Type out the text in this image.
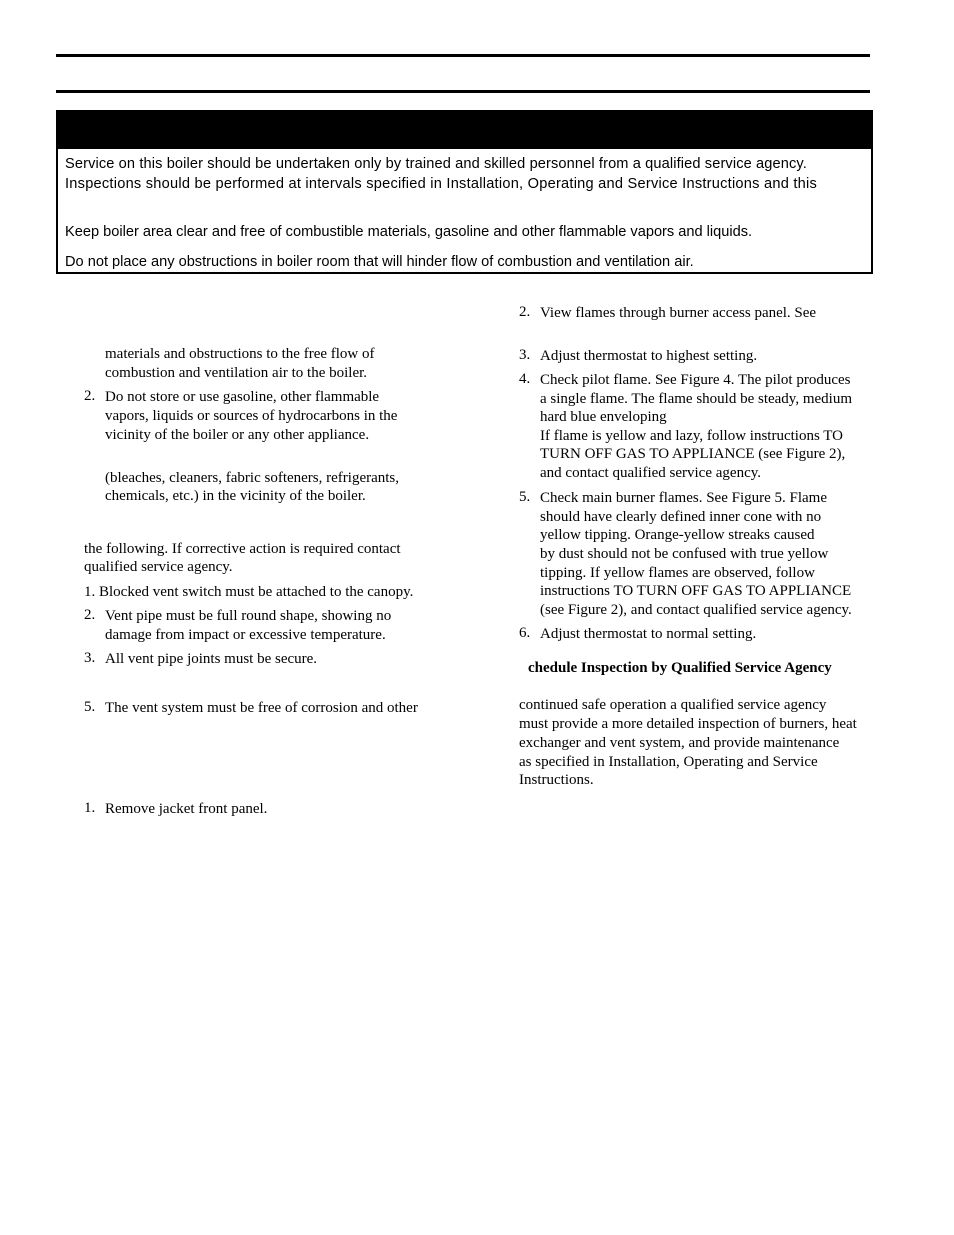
Service on this boiler should be undertaken only by trained and skilled personnel from a qualified service agency.
Inspections should be performed at intervals specified in Installation, Operating and Service Instructions and this
Keep boiler area clear and free of combustible materials, gasoline and other flammable vapors and liquids.
Do not place any obstructions in boiler room that will hinder flow of combustion and ventilation air.
materials and obstructions to the free flow of
combustion and ventilation air to the boiler.
2. Do not store or use gasoline, other flammable
vapors, liquids or sources of hydrocarbons in the
vicinity of the boiler or any other appliance.
(bleaches, cleaners, fabric softeners, refrigerants,
chemicals, etc.) in the vicinity of the boiler.
the following. If corrective action is required contact
qualified service agency.
1. Blocked vent switch must be attached to the canopy.
2. Vent pipe must be full round shape, showing no
damage from impact or excessive temperature.
3. All vent pipe joints must be secure.
5. The vent system must be free of corrosion and other
1. Remove jacket front panel.
2. View flames through burner access panel. See
3. Adjust thermostat to highest setting.
4. Check pilot flame. See Figure 4. The pilot produces
a single flame. The flame should be steady, medium
hard blue enveloping
If flame is yellow and lazy, follow instructions TO
TURN OFF GAS TO APPLIANCE (see Figure 2),
and contact qualified service agency.
5. Check main burner flames. See Figure 5. Flame
should have clearly defined inner cone with no
yellow tipping. Orange-yellow streaks caused
by dust should not be confused with true yellow
tipping. If yellow flames are observed, follow
instructions TO TURN OFF GAS TO APPLIANCE
(see Figure 2), and contact qualified service agency.
6. Adjust thermostat to normal setting.
chedule Inspection by Qualified Service Agency
continued safe operation a qualified service agency
must provide a more detailed inspection of burners, heat
exchanger and vent system, and provide maintenance
as specified in Installation, Operating and Service
Instructions.
